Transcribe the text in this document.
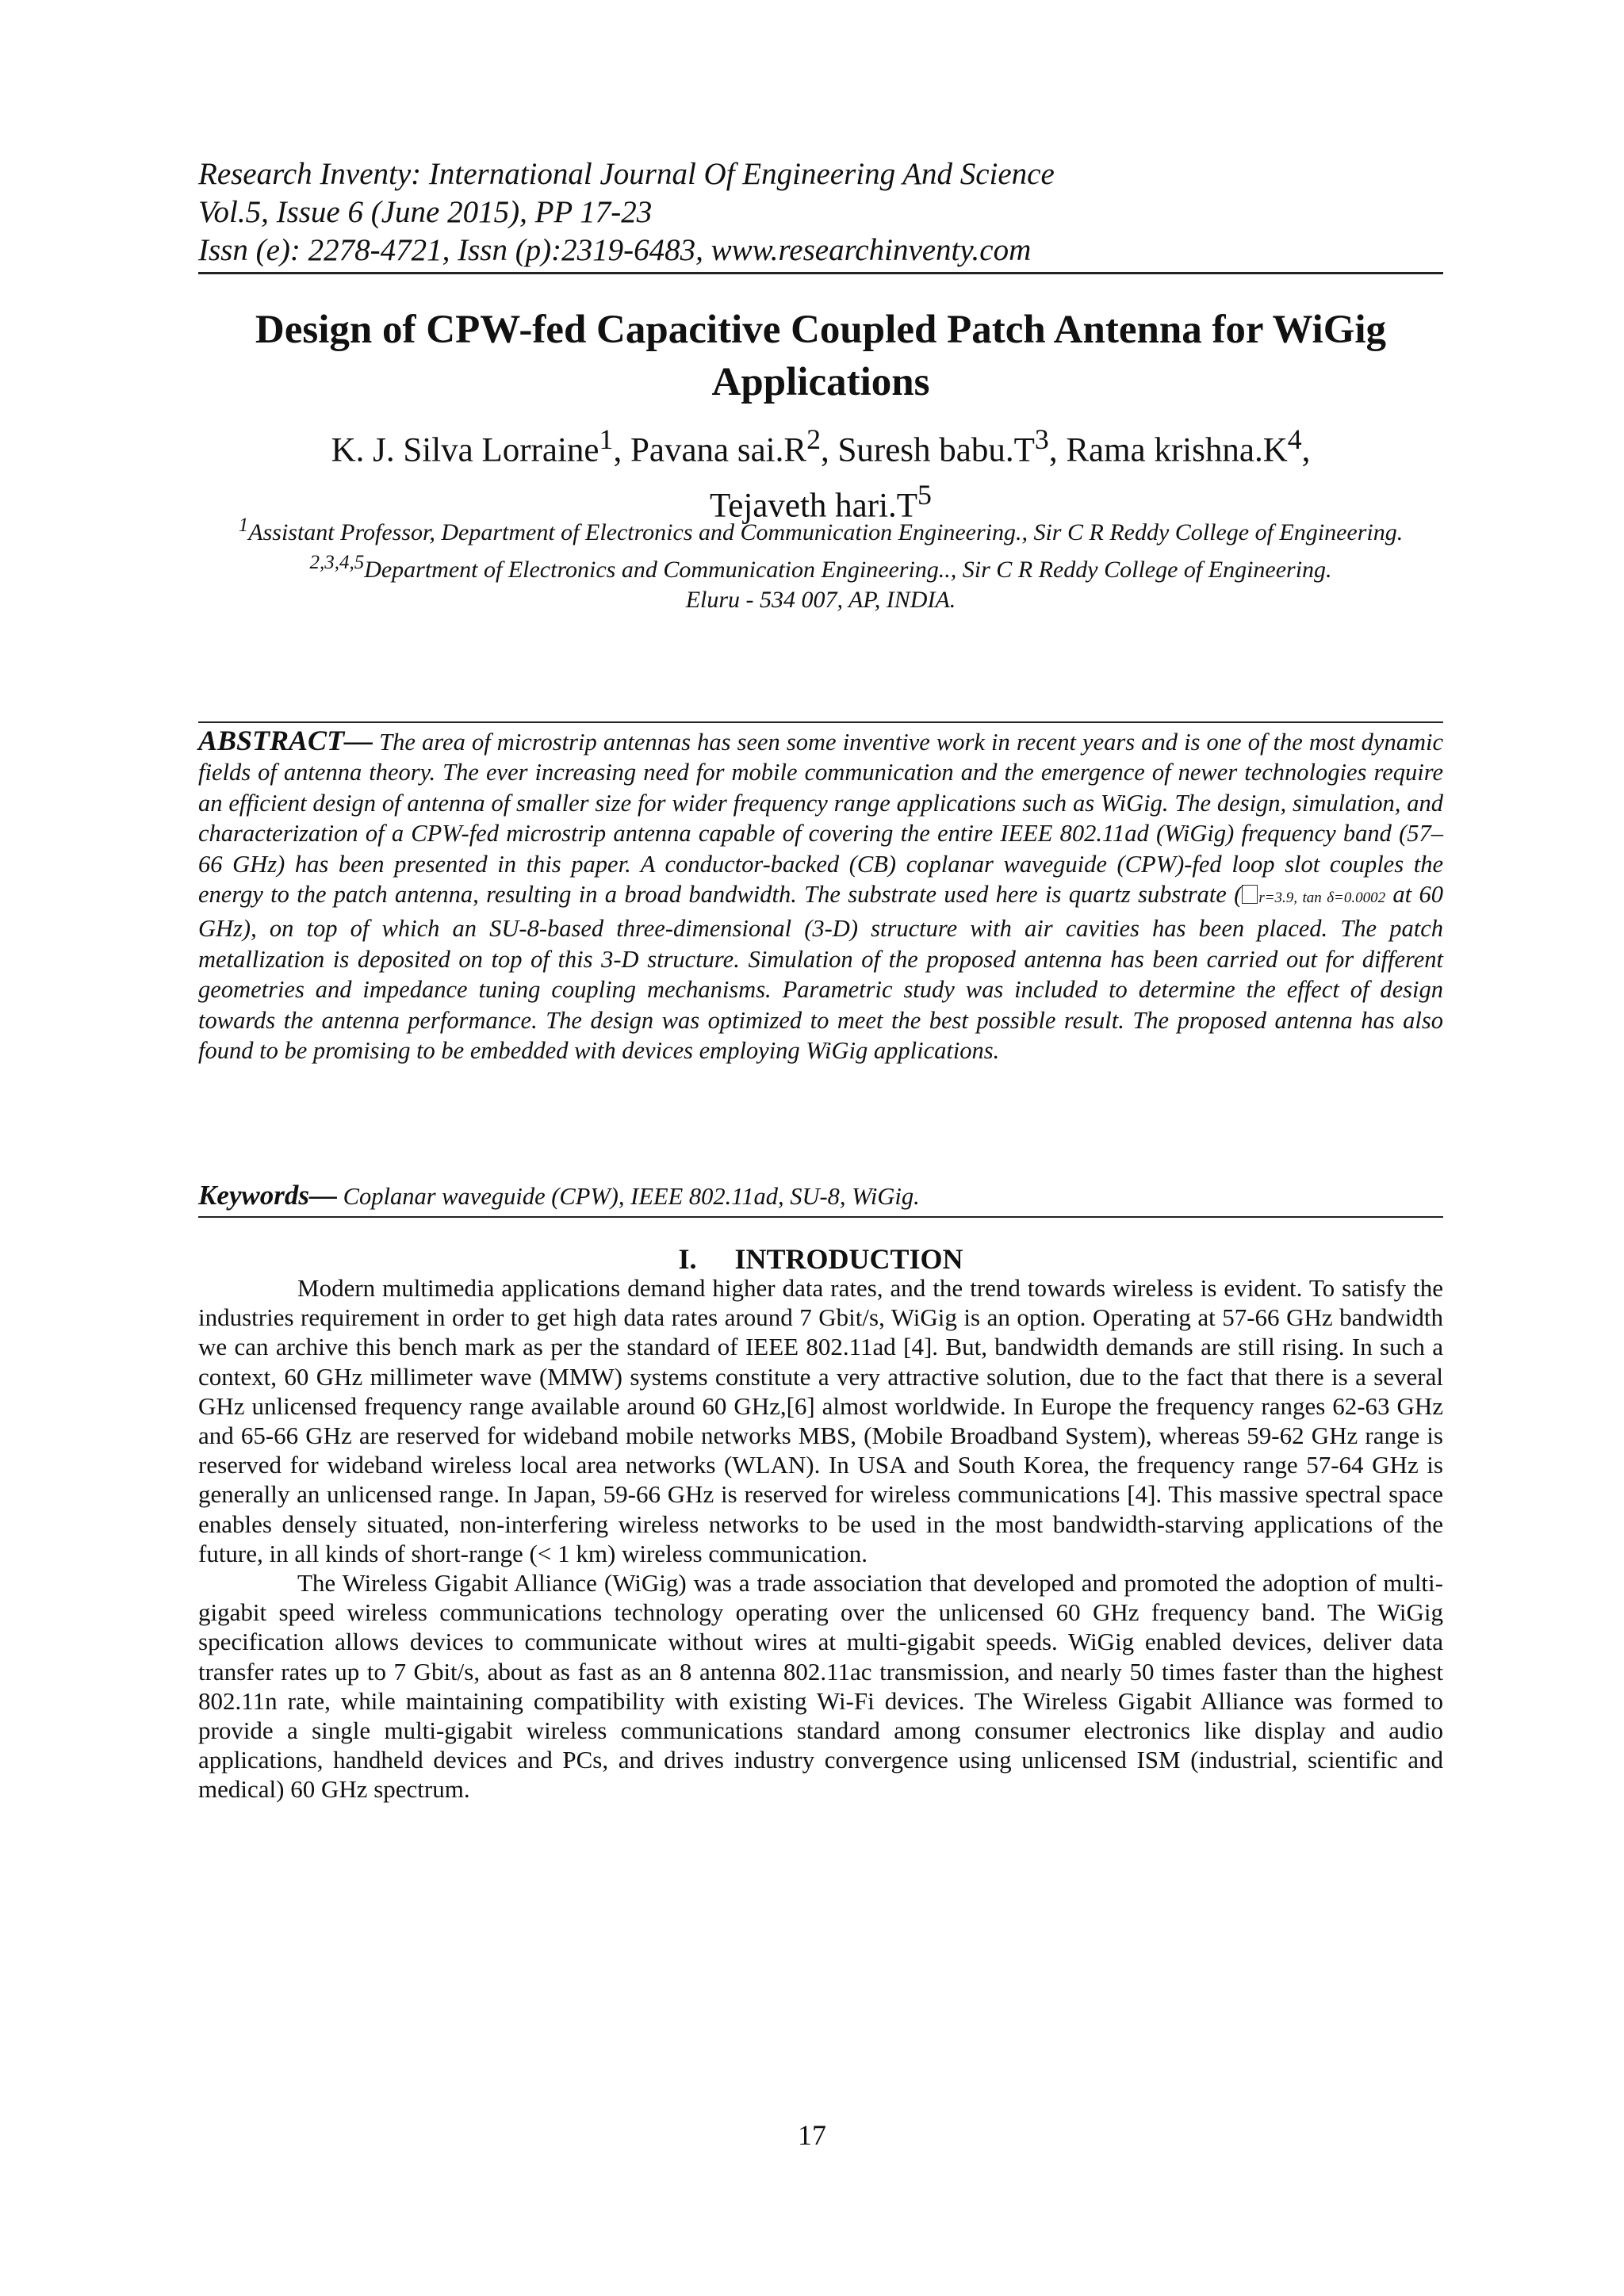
Research Inventy: International Journal Of Engineering And Science
Vol.5, Issue 6 (June 2015), PP 17-23
Issn (e): 2278-4721, Issn (p):2319-6483, www.researchinventy.com
Design of CPW-fed Capacitive Coupled Patch Antenna for WiGig Applications
K. J. Silva Lorraine$^1$, Pavana $sai.R^2$, Suresh $babu.T^3$, Rama $krishna.K^4$,
Tejaveth $hari.T^5$

$^1$Assistant Professor, Department of Electronics and Communication Engineering., Sir C R Reddy College of Engineering.

$^{2,3,4,5}$Department of Electronics and Communication Engineering.., Sir C R Reddy College of Engineering.

Eluru - 534 007, AP, INDIA.

ABSTRACT— The area of microstrip antennas has seen some inventive work in recent years and is one of the most dynamic fields of antenna theory. The ever increasing need for mobile communication and the emergence of newer technologies require an efficient design of antenna of smaller size for wider frequency range applications such as WiGig. The design, simulation, and characterization of a CPW-fed microstrip antenna capable of covering the entire IEEE 802.11ad (WiGig) frequency band (57–66 GHz) has been presented in this paper. A conductor-backed (CB) coplanar waveguide (CPW)-fed loop slot couples the energy to the patch antenna, resulting in a broad bandwidth. The substrate used here is quartz substrate ( r=3.9, tan δ=0.0002 at 60 GHz), on top of which an SU-8-based three-dimensional (3-D) structure with air cavities has been placed. The patch metallization is deposited on top of this 3-D structure. Simulation of the proposed antenna has been carried out for different geometries and impedance tuning coupling mechanisms. Parametric study was included to determine the effect of design towards the antenna performance. The design was optimized to meet the best possible result. The proposed antenna has also found to be promising to be embedded with devices employing WiGig applications.
Keywords— Coplanar waveguide (CPW), IEEE 802.11ad, SU-8, WiGig.
I. INTRODUCTION

Modern multimedia applications demand higher data rates, and the trend towards wireless is evident. To satisfy the industries requirement in order to get high data rates around 7 Gbit/s, WiGig is an option. Operating at 57-66 GHz bandwidth we can archive this bench mark as per the standard of IEEE 802.11ad [4]. But, bandwidth demands are still rising. In such a context, 60 GHz millimeter wave (MMW) systems constitute a very attractive solution, due to the fact that there is a several GHz unlicensed frequency range available around 60 GHz,[6] almost worldwide. In Europe the frequency ranges 62-63 GHz and 65-66 GHz are reserved for wideband mobile networks MBS, (Mobile Broadband System), whereas 59-62 GHz range is reserved for wideband wireless local area networks (WLAN). In USA and South Korea, the frequency range 57-64 GHz is generally an unlicensed range. In Japan, 59-66 GHz is reserved for wireless communications [4]. This massive spectral space enables densely situated, non-interfering wireless networks to be used in the most bandwidth-starving applications of the future, in all kinds of short-range (< 1 km) wireless communication.

The Wireless Gigabit Alliance (WiGig) was a trade association that developed and promoted the adoption of multi-gigabit speed wireless communications technology operating over the unlicensed 60 GHz frequency band. The WiGig specification allows devices to communicate without wires at multi-gigabit speeds. WiGig enabled devices, deliver data transfer rates up to 7 Gbit/s, about as fast as an 8 antenna 802.11ac transmission, and nearly 50 times faster than the highest 802.11n rate, while maintaining compatibility with existing Wi-Fi devices. The Wireless Gigabit Alliance was formed to provide a single multi-gigabit wireless communications standard among consumer electronics like display and audio applications, handheld devices and PCs, and drives industry convergence using unlicensed ISM (industrial, scientific and medical) 60 GHz spectrum.

17
